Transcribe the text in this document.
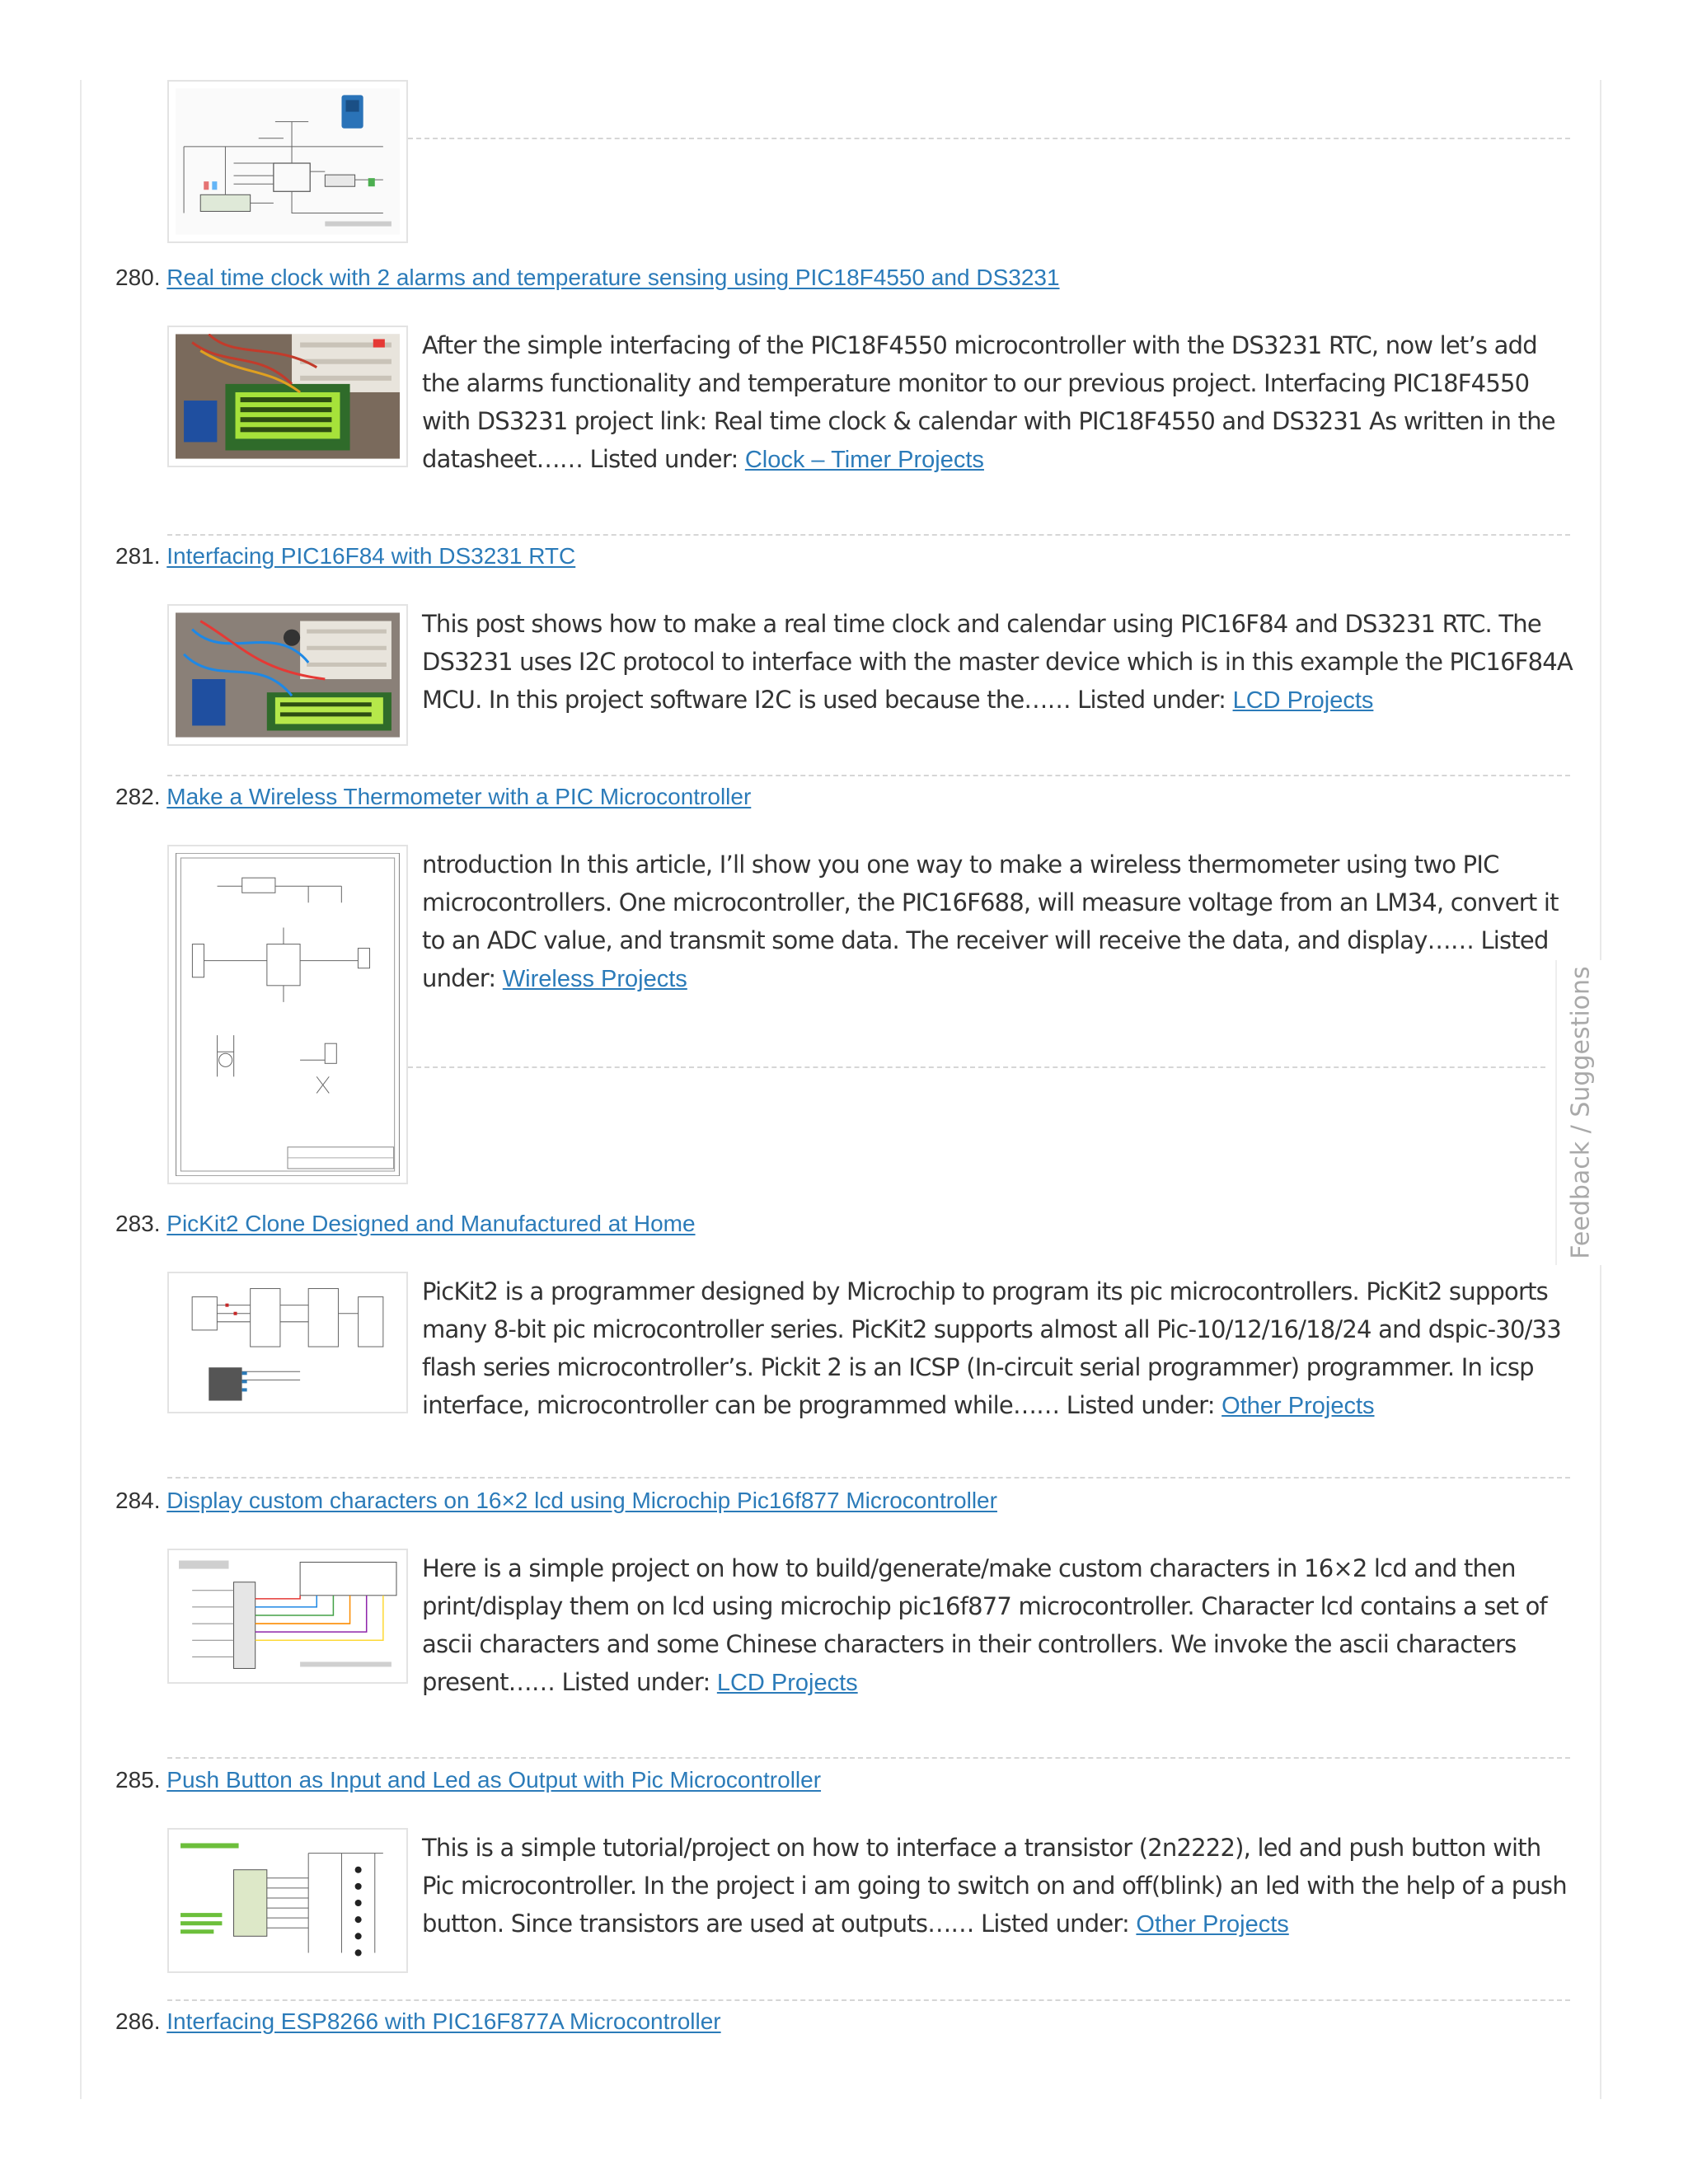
280. Real time clock with 2 alarms and temperature sensing using PIC18F4550 and DS3231
After the simple interfacing of the PIC18F4550 microcontroller with the DS3231 RTC, now let’s add the alarms functionality and temperature monitor to our previous project. Interfacing PIC18F4550 with DS3231 project link: Real time clock & calendar with PIC18F4550 and DS3231 As written in the datasheet…… Listed under: Clock – Timer Projects
281. Interfacing PIC16F84 with DS3231 RTC
This post shows how to make a real time clock and calendar using PIC16F84 and DS3231 RTC. The DS3231 uses I2C protocol to interface with the master device which is in this example the PIC16F84A MCU. In this project software I2C is used because the…… Listed under: LCD Projects
282. Make a Wireless Thermometer with a PIC Microcontroller
ntroduction In this article, I’ll show you one way to make a wireless thermometer using two PIC microcontrollers. One microcontroller, the PIC16F688, will measure voltage from an LM34, convert it to an ADC value, and transmit some data. The receiver will receive the data, and display…… Listed under: Wireless Projects
283. PicKit2 Clone Designed and Manufactured at Home
PicKit2 is a programmer designed by Microchip to program its pic microcontrollers. PicKit2 supports many 8-bit pic microcontroller series. PicKit2 supports almost all Pic-10/12/16/18/24 and dspic-30/33 flash series microcontroller’s. Pickit 2 is an ICSP (In-circuit serial programmer) programmer. In icsp interface, microcontroller can be programmed while…… Listed under: Other Projects
284. Display custom characters on 16×2 lcd using Microchip Pic16f877 Microcontroller
Here is a simple project on how to build/generate/make custom characters in 16×2 lcd and then print/display them on lcd using microchip pic16f877 microcontroller. Character lcd contains a set of ascii characters and some Chinese characters in their controllers. We invoke the ascii characters present…… Listed under: LCD Projects
285. Push Button as Input and Led as Output with Pic Microcontroller
This is a simple tutorial/project on how to interface a transistor (2n2222), led and push button with Pic microcontroller. In the project i am going to switch on and off(blink) an led with the help of a push button. Since transistors are used at outputs…… Listed under: Other Projects
286. Interfacing ESP8266 with PIC16F877A Microcontroller
Feedback / Suggestions
